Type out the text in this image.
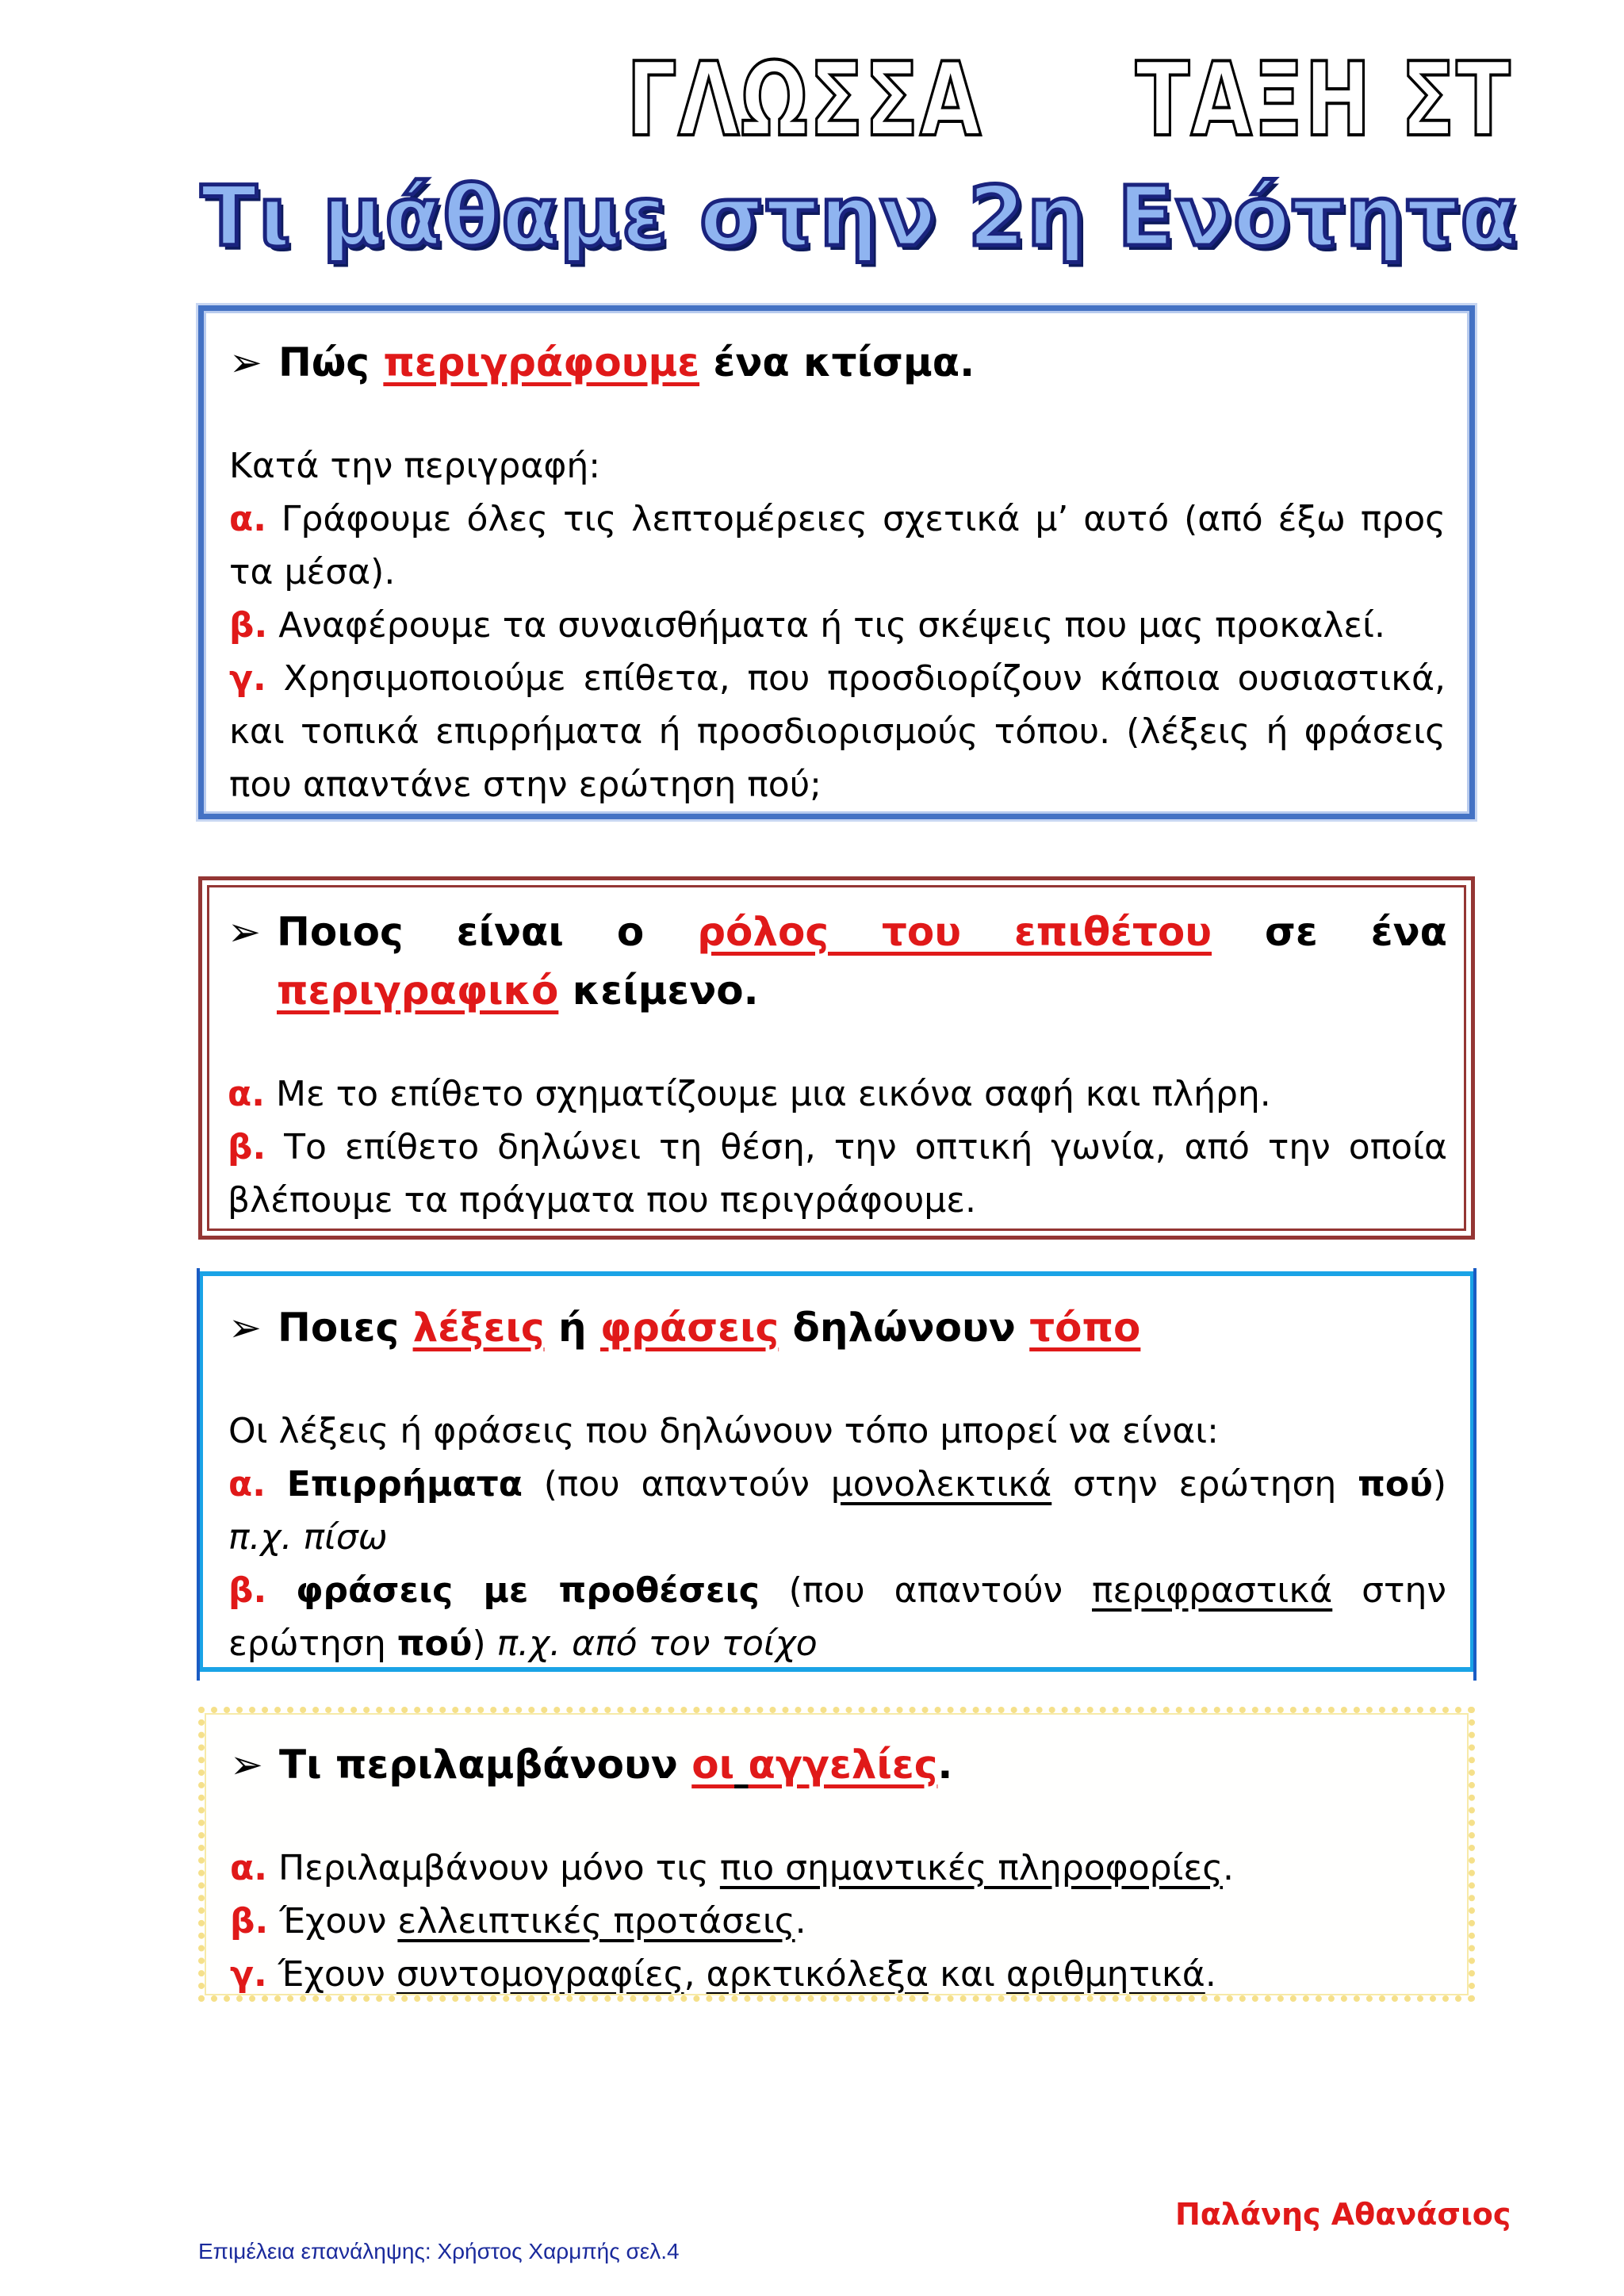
ΓΛΩΣΣΑ ΤΑΞΗ ΣΤ
Τι μάθαμε στην 2η Ενότητα
➢ Πώς περιγράφουμε ένα κτίσμα.

Κατά την περιγραφή:

α. Γράφουμε όλες τις λεπτομέρειες σχετικά μ’ αυτό (από έξω προς τα μέσα).

β. Αναφέρουμε τα συναισθήματα ή τις σκέψεις που μας προκαλεί.

γ. Χρησιμοποιούμε επίθετα, που προσδιορίζουν κάποια ουσιαστικά, και τοπικά επιρρήματα ή προσδιορισμούς τόπου. (λέξεις ή φράσεις που απαντάνε στην ερώτηση πού;

➢ Ποιος είναι ο ρόλος του επιθέτου σε ένα περιγραφικό κείμενο.

α. Με το επίθετο σχηματίζουμε μια εικόνα σαφή και πλήρη.

β. Το επίθετο δηλώνει τη θέση, την οπτική γωνία, από την οποία βλέπουμε τα πράγματα που περιγράφουμε.

➢ Ποιες λέξεις ή φράσεις δηλώνουν τόπο

Οι λέξεις ή φράσεις που δηλώνουν τόπο μπορεί να είναι:

α. Επιρρήματα (που απαντούν μονολεκτικά στην ερώτηση πού) π.χ. πίσω

β. φράσεις με προθέσεις (που απαντούν περιφραστικά στην ερώτηση πού) π.χ. από τον τοίχο

➢ Τι περιλαμβάνουν οι αγγελίες.

α. Περιλαμβάνουν μόνο τις πιο σημαντικές πληροφορίες.

β. Έχουν ελλειπτικές προτάσεις.

γ. Έχουν συντομογραφίες, αρκτικόλεξα και αριθμητικά.

Παλάνης Αθανάσιος
Επιμέλεια επανάληψης: Χρήστος Χαρμπής σελ.4
